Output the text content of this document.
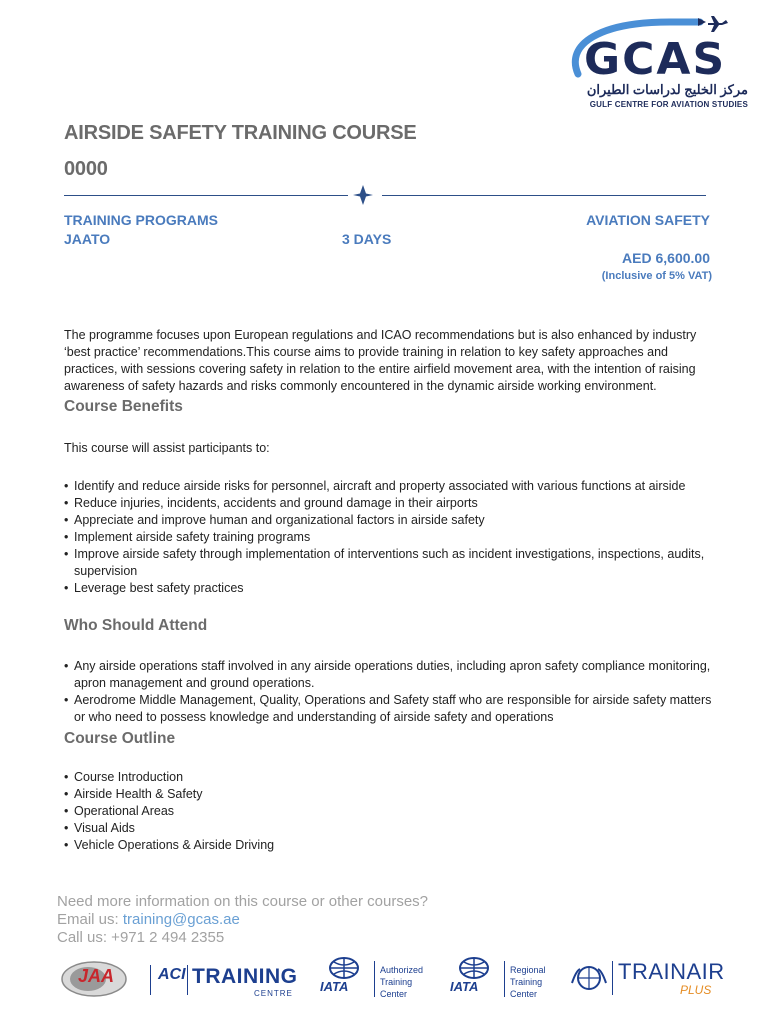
GCAS
مركز الخليج لدراسات الطيران
GULF CENTRE FOR AVIATION STUDIES
AIRSIDE SAFETY TRAINING COURSE
0000
TRAINING PROGRAMS
JAATO	3 DAYS
AVIATION SAFETY
AED 6,600.00
(Inclusive of 5% VAT)
The programme focuses upon European regulations and ICAO recommendations but is also enhanced by industry ‘best practice’ recommendations.This course aims to provide training in relation to key safety approaches and practices, with sessions covering safety in relation to the entire airfield movement area, with the intention of raising awareness of safety hazards and risks commonly encountered in the dynamic airside working environment.
Course Benefits
This course will assist participants to:
• Identify and reduce airside risks for personnel, aircraft and property associated with various functions at airside
• Reduce injuries, incidents, accidents and ground damage in their airports
• Appreciate and improve human and organizational factors in airside safety
• Implement airside safety training programs
• Improve airside safety through implementation of interventions such as incident investigations, inspections, audits, supervision
• Leverage best safety practices
Who Should Attend
• Any airside operations staff involved in any airside operations duties, including apron safety compliance monitoring, apron management and ground operations.
• Aerodrome Middle Management, Quality, Operations and Safety staff who are responsible for airside safety matters or who need to possess knowledge and understanding of airside safety and operations
Course Outline
• Course Introduction
• Airside Health & Safety
• Operational Areas
• Visual Aids
• Vehicle Operations & Airside Driving
Need more information on this course or other courses?
Email us: training@gcas.ae
Call us: +971 2 494 2355
JAA	ACI TRAINING
CENTRE IATA
Authorized
Training Center	IATA
Regional
Training Center
TRAINAIR
PLUS
